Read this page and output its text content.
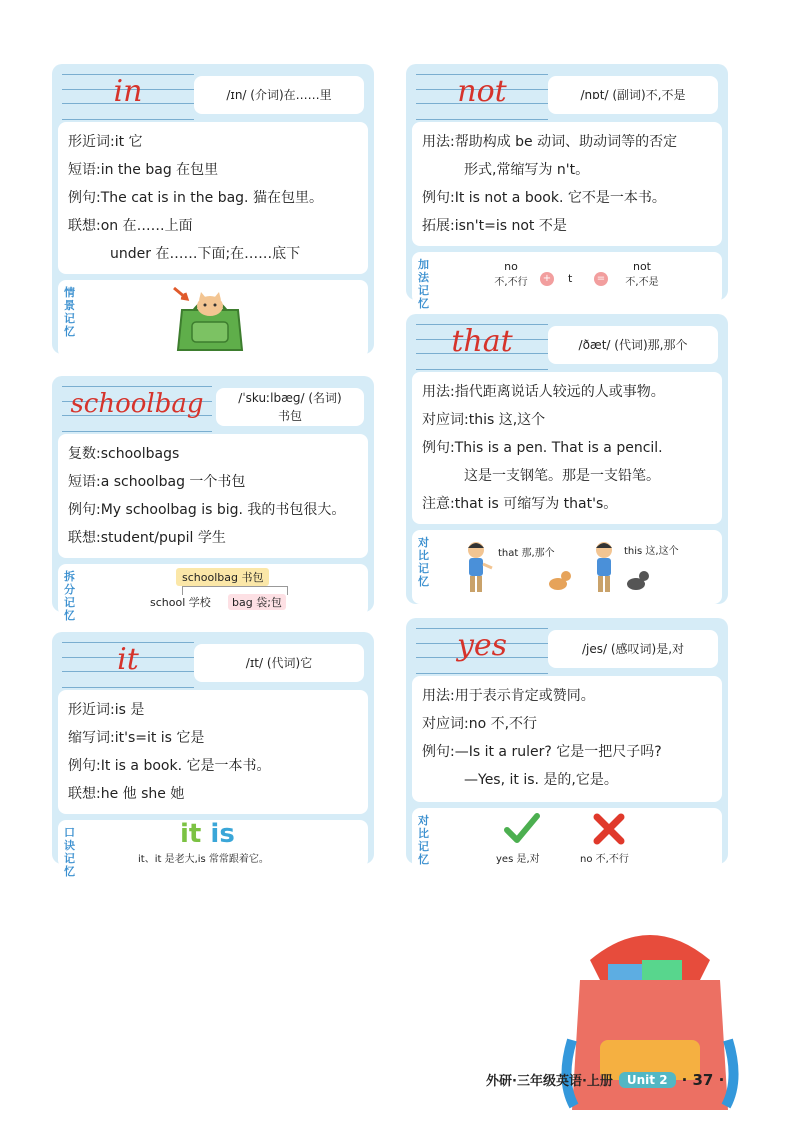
in	/ɪn/ (介词)在……里
形近词:it 它
短语:in the bag 在包里
例句:The cat is in the bag. 猫在包里。
联想:on 在……上面
under 在……下面;在……底下
情景记忆
schoolbag	/ˈskuːlbæɡ/ (名词)
书包
复数:schoolbags
短语:a schoolbag 一个书包
例句:My schoolbag is big. 我的书包很大。
联想:student/pupil 学生
拆分记忆
schoolbag 书包
school 学校	bag 袋;包
it	/ɪt/ (代词)它
形近词:is 是
缩写词:it's=it is 它是
例句:It is a book. 它是一本书。
联想:he 他 she 她
口诀记忆
it is
it、it 是老大,is 常常跟着它。
not	/nɒt/ (副词)不,不是
用法:帮助构成 be 动词、助动词等的否定
形式,常缩写为 n't。
例句:It is not a book. 它不是一本书。
拓展:isn't=is not 不是
加法记忆
no
不,不行	+ t =
not
不,不是
that	/ðæt/ (代词)那,那个
用法:指代距离说话人较远的人或事物。
对应词:this 这,这个
例句:This is a pen. That is a pencil.
这是一支钢笔。那是一支铅笔。
注意:that is 可缩写为 that's。
对比记忆
that 那,那个	this 这,这个
yes	/jes/ (感叹词)是,对
用法:用于表示肯定或赞同。
对应词:no 不,不行
例句:—Is it a ruler? 它是一把尺子吗?
—Yes, it is. 是的,它是。
对比记忆	yes 是,对	no 不,不行
外研·三年级英语·上册	Unit 2 · 37 ·
